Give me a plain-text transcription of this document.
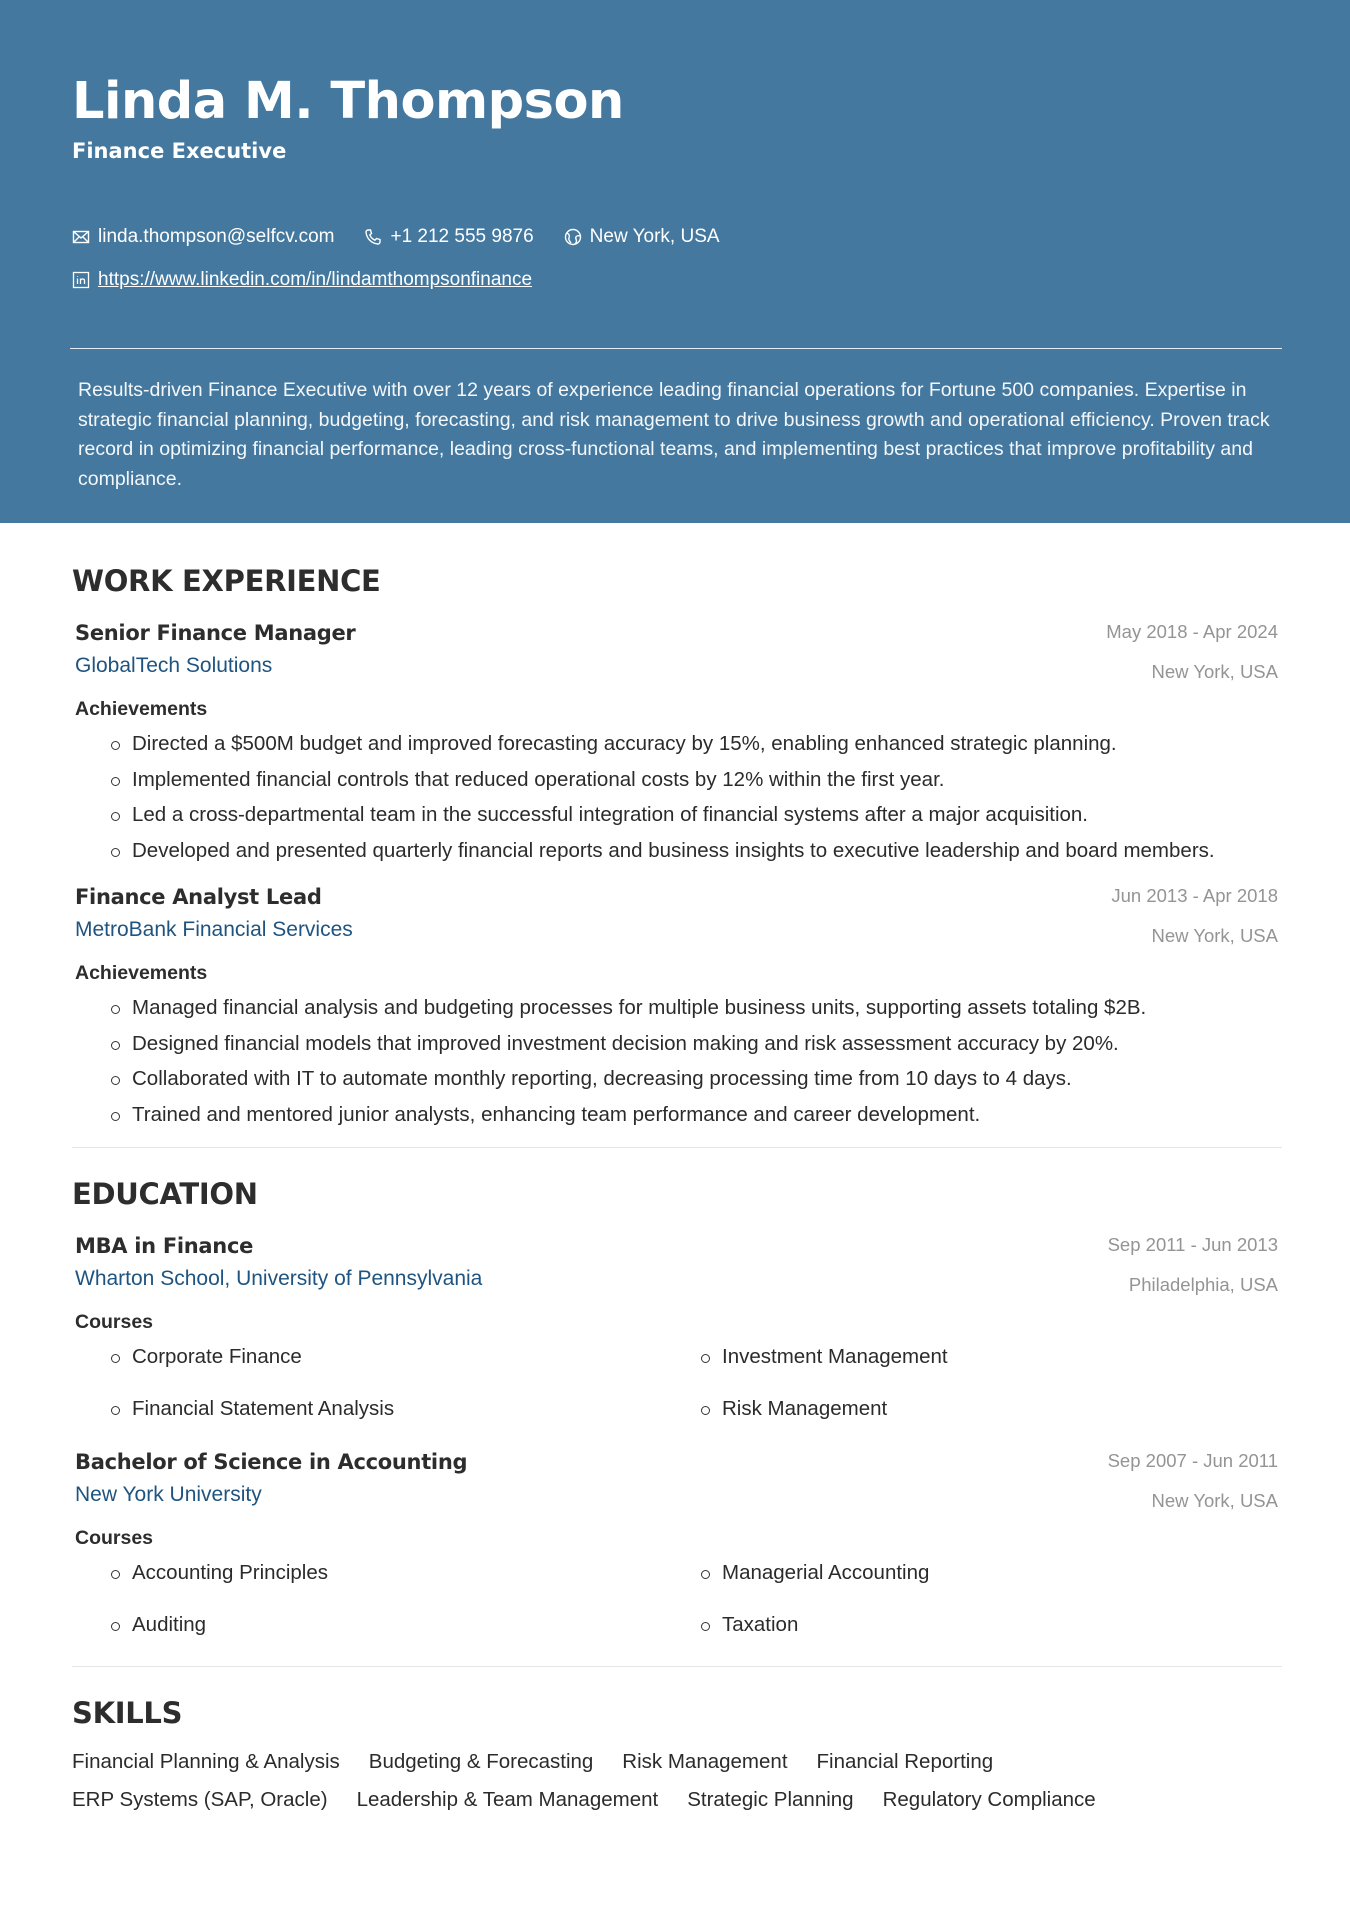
Linda M. Thompson
Finance Executive
linda.thompson@selfcv.com	+1 212 555 9876	New York, USA
https://www.linkedin.com/in/lindamthompsonfinance

Results-driven Finance Executive with over 12 years of experience leading financial operations for Fortune 500 companies. Expertise in strategic financial planning, budgeting, forecasting, and risk management to drive business growth and operational efficiency. Proven track record in optimizing financial performance, leading cross-functional teams, and implementing best practices that improve profitability and compliance.

WORK EXPERIENCE
Senior Finance Manager
GlobalTech Solutions
May 2018 - Apr 2024
New York, USA
Achievements
Directed a $500M budget and improved forecasting accuracy by 15%, enabling enhanced strategic planning.
Implemented financial controls that reduced operational costs by 12% within the first year.
Led a cross-departmental team in the successful integration of financial systems after a major acquisition.
Developed and presented quarterly financial reports and business insights to executive leadership and board members.
Finance Analyst Lead
MetroBank Financial Services
Jun 2013 - Apr 2018
New York, USA
Achievements
Managed financial analysis and budgeting processes for multiple business units, supporting assets totaling $2B.
Designed financial models that improved investment decision making and risk assessment accuracy by 20%.
Collaborated with IT to automate monthly reporting, decreasing processing time from 10 days to 4 days.
Trained and mentored junior analysts, enhancing team performance and career development.
EDUCATION
MBA in Finance
Wharton School, University of Pennsylvania
Sep 2011 - Jun 2013
Philadelphia, USA
Courses
Corporate Finance	Investment Management
Financial Statement Analysis	Risk Management
Bachelor of Science in Accounting
New York University
Sep 2007 - Jun 2011
New York, USA
Courses
Accounting Principles	Managerial Accounting
Auditing	Taxation
SKILLS
Financial Planning & Analysis Budgeting & Forecasting Risk Management Financial Reporting
ERP Systems (SAP, Oracle) Leadership & Team Management Strategic Planning Regulatory Compliance
